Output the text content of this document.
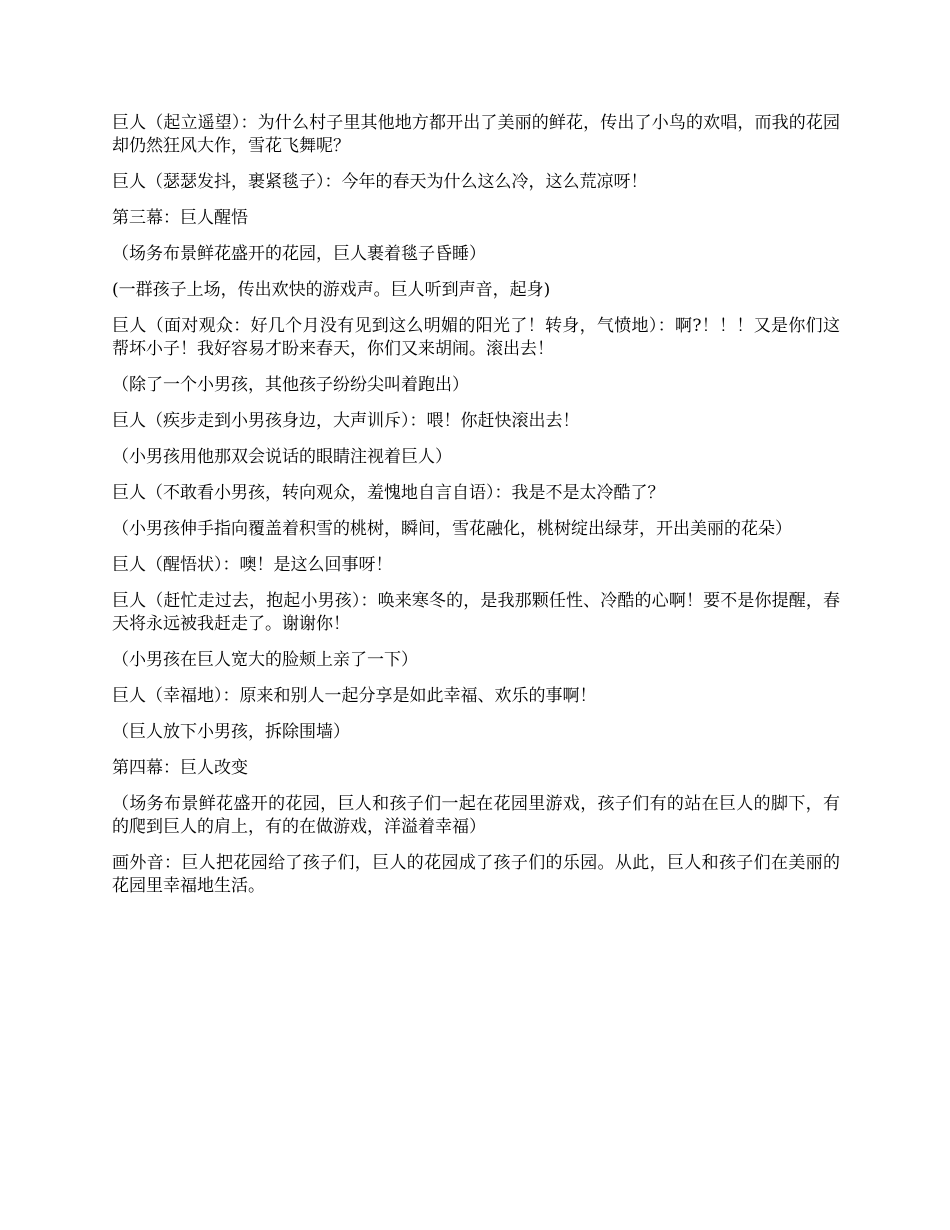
巨人（起立遥望）：为什么村子里其他地方都开出了美丽的鲜花，传出了小鸟的欢唱，而我的花园却仍然狂风大作，雪花飞舞呢？

巨人（瑟瑟发抖，裹紧毯子）：今年的春天为什么这么冷，这么荒凉呀！

第三幕：巨人醒悟

（场务布景鲜花盛开的花园，巨人裹着毯子昏睡）

(一群孩子上场，传出欢快的游戏声。巨人听到声音，起身)

巨人（面对观众：好几个月没有见到这么明媚的阳光了！转身，气愤地）：啊?！！！又是你们这帮坏小子！我好容易才盼来春天，你们又来胡闹。滚出去！

（除了一个小男孩，其他孩子纷纷尖叫着跑出）

巨人（疾步走到小男孩身边，大声训斥）：喂！你赶快滚出去！

（小男孩用他那双会说话的眼睛注视着巨人）

巨人（不敢看小男孩，转向观众，羞愧地自言自语）：我是不是太冷酷了？

（小男孩伸手指向覆盖着积雪的桃树，瞬间，雪花融化，桃树绽出绿芽，开出美丽的花朵）

巨人（醒悟状）：噢！是这么回事呀！

巨人（赶忙走过去，抱起小男孩）：唤来寒冬的，是我那颗任性、冷酷的心啊！要不是你提醒，春天将永远被我赶走了。谢谢你！

（小男孩在巨人宽大的脸颊上亲了一下）

巨人（幸福地）：原来和别人一起分享是如此幸福、欢乐的事啊！

（巨人放下小男孩，拆除围墙）

第四幕：巨人改变

（场务布景鲜花盛开的花园，巨人和孩子们一起在花园里游戏，孩子们有的站在巨人的脚下，有的爬到巨人的肩上，有的在做游戏，洋溢着幸福）

画外音：巨人把花园给了孩子们，巨人的花园成了孩子们的乐园。从此，巨人和孩子们在美丽的花园里幸福地生活。
